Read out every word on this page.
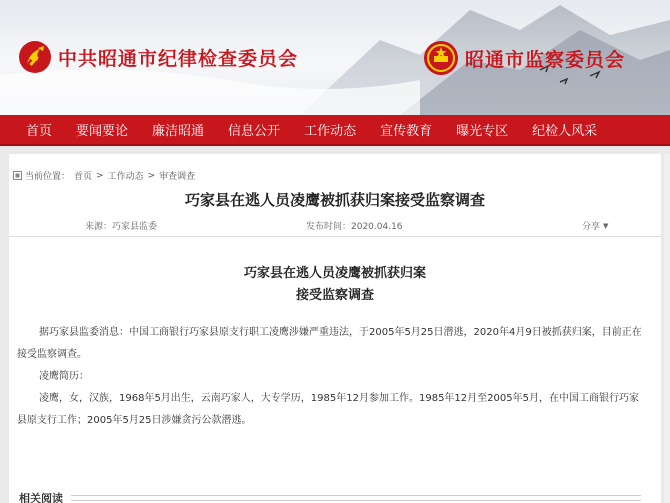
中共昭通市纪律检查委员会	昭通市监察委员会
首页 要闻要论 廉洁昭通 信息公开 工作动态 宣传教育 曝光专区 纪检人风采
当前位置： 首页 > 工作动态 > 审查调查
巧家县在逃人员凌鹰被抓获归案接受监察调查
来源：巧家县监委	发布时间：2020.04.16	分享 ▼
巧家县在逃人员凌鹰被抓获归案
接受监察调查

据巧家县监委消息：中国工商银行巧家县原支行职工凌鹰涉嫌严重违法，于2005年5月25日潜逃，2020年4月9日被抓获归案，目前正在接受监察调查。

凌鹰简历：

凌鹰，女，汉族，1968年5月出生，云南巧家人，大专学历，1985年12月参加工作。1985年12月至2005年5月，在中国工商银行巧家县原支行工作；2005年5月25日涉嫌贪污公款潜逃。

相关阅读
